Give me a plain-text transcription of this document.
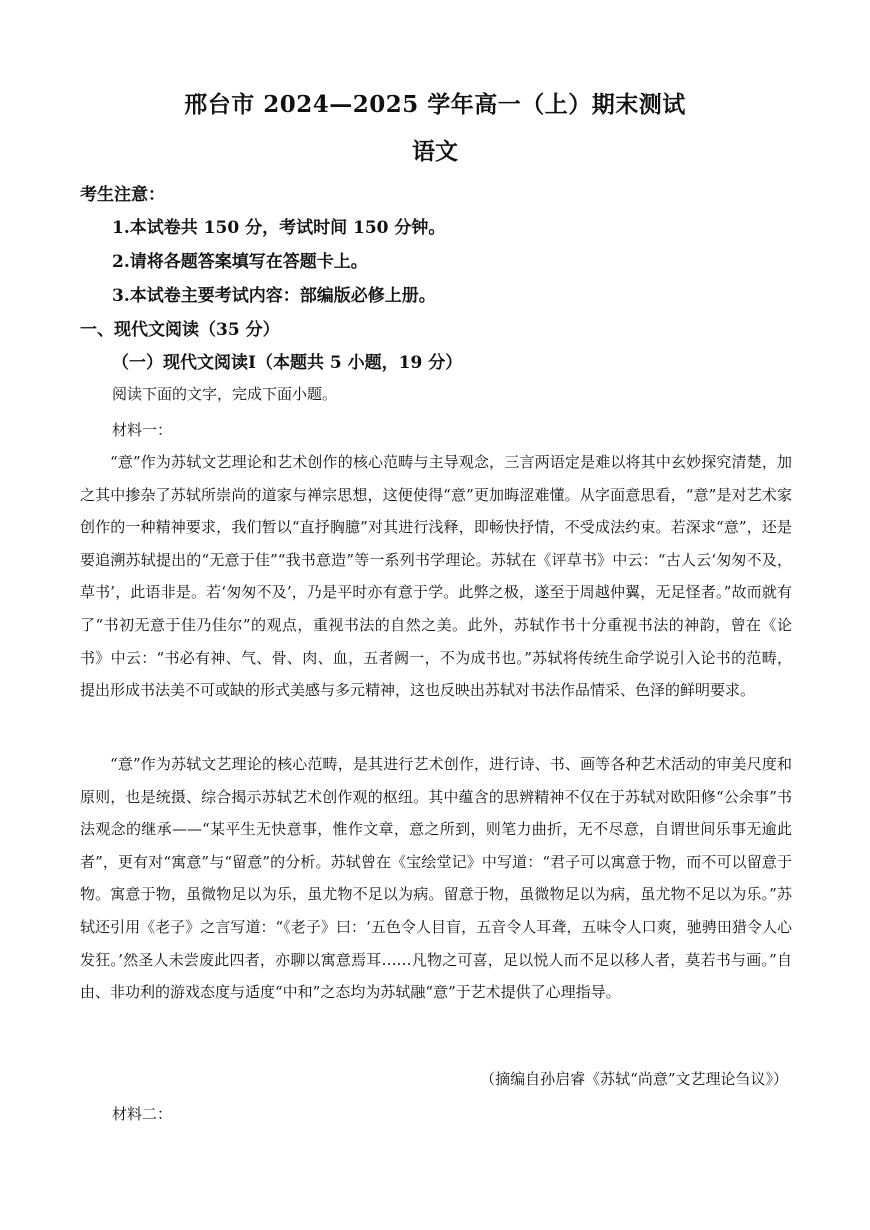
邢台市 2024—2025 学年高一（上）期末测试
语文
考生注意：
1.本试卷共 150 分，考试时间 150 分钟。
2.请将各题答案填写在答题卡上。
3.本试卷主要考试内容：部编版必修上册。
一、现代文阅读（35 分）
（一）现代文阅读Ⅰ（本题共 5 小题，19 分）
阅读下面的文字，完成下面小题。
材料一：

“意”作为苏轼文艺理论和艺术创作的核心范畴与主导观念，三言两语定是难以将其中玄妙探究清楚，加之其中掺杂了苏轼所崇尚的道家与禅宗思想，这便使得“意”更加晦涩难懂。从字面意思看，“意”是对艺术家创作的一种精神要求，我们暂以“直抒胸臆”对其进行浅释，即畅快抒情，不受成法约束。若深求“意”，还是要追溯苏轼提出的“无意于佳”“我书意造”等一系列书学理论。苏轼在《评草书》中云：“古人云‘匆匆不及，草书’，此语非是。若‘匆匆不及’，乃是平时亦有意于学。此弊之极，遂至于周越仲翼，无足怪者。”故而就有了“书初无意于佳乃佳尔”的观点，重视书法的自然之美。此外，苏轼作书十分重视书法的神韵，曾在《论书》中云：“书必有神、气、骨、肉、血，五者阙一，不为成书也。”苏轼将传统生命学说引入论书的范畴，提出形成书法美不可或缺的形式美感与多元精神，这也反映出苏轼对书法作品情采、色泽的鲜明要求。

“意”作为苏轼文艺理论的核心范畴，是其进行艺术创作，进行诗、书、画等各种艺术活动的审美尺度和原则，也是统摄、综合揭示苏轼艺术创作观的枢纽。其中蕴含的思辨精神不仅在于苏轼对欧阳修“公余事”书法观念的继承——“某平生无快意事，惟作文章，意之所到，则笔力曲折，无不尽意，自谓世间乐事无逾此者”，更有对“寓意”与“留意”的分析。苏轼曾在《宝绘堂记》中写道：“君子可以寓意于物，而不可以留意于物。寓意于物，虽微物足以为乐，虽尤物不足以为病。留意于物，虽微物足以为病，虽尤物不足以为乐。”苏轼还引用《老子》之言写道：“《老子》曰：‘五色令人目盲，五音令人耳聋，五味令人口爽，驰骋田猎令人心发狂。’然圣人未尝废此四者，亦聊以寓意焉耳……凡物之可喜，足以悦人而不足以移人者，莫若书与画。”自由、非功利的游戏态度与适度“中和”之态均为苏轼融“意”于艺术提供了心理指导。

（摘编自孙启睿《苏轼“尚意”文艺理论刍议》）
材料二：
